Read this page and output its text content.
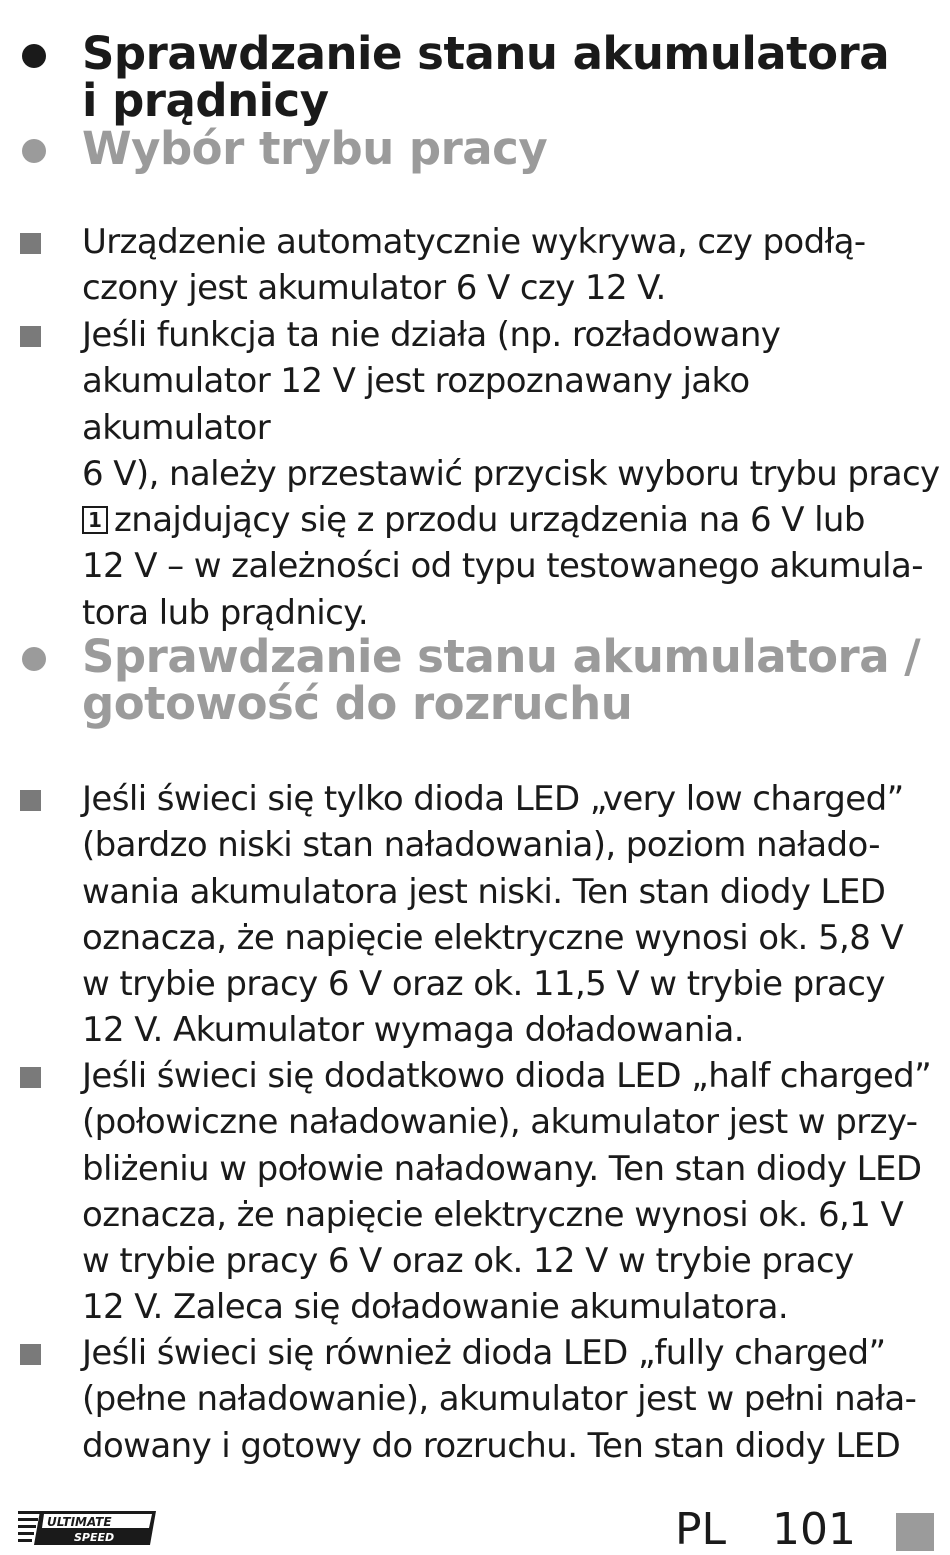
Sprawdzanie stanu akumulatora
i prądnicy
Wybór trybu pracy
Urządzenie automatycznie wykrywa, czy podłą-
czony jest akumulator 6 V czy 12 V.
Jeśli funkcja ta nie działa (np. rozładowany
akumulator 12 V jest rozpoznawany jako akumulator
6 V), należy przestawić przycisk wyboru trybu pracy
1 znajdujący się z przodu urządzenia na 6 V lub
12 V – w zależności od typu testowanego akumula-
tora lub prądnicy.
Sprawdzanie stanu akumulatora /
gotowość do rozruchu
Jeśli świeci się tylko dioda LED „very low charged”
(bardzo niski stan naładowania), poziom nałado-
wania akumulatora jest niski. Ten stan diody LED
oznacza, że napięcie elektryczne wynosi ok. 5,8 V
w trybie pracy 6 V oraz ok. 11,5 V w trybie pracy
12 V. Akumulator wymaga doładowania.
Jeśli świeci się dodatkowo dioda LED „half charged”
(połowiczne naładowanie), akumulator jest w przy-
bliżeniu w połowie naładowany. Ten stan diody LED
oznacza, że napięcie elektryczne wynosi ok. 6,1 V
w trybie pracy 6 V oraz ok. 12 V w trybie pracy
12 V. Zaleca się doładowanie akumulatora.
Jeśli świeci się również dioda LED „fully charged”
(pełne naładowanie), akumulator jest w pełni nała-
dowany i gotowy do rozruchu. Ten stan diody LED
ULTIMATE
SPEED	PL 101
